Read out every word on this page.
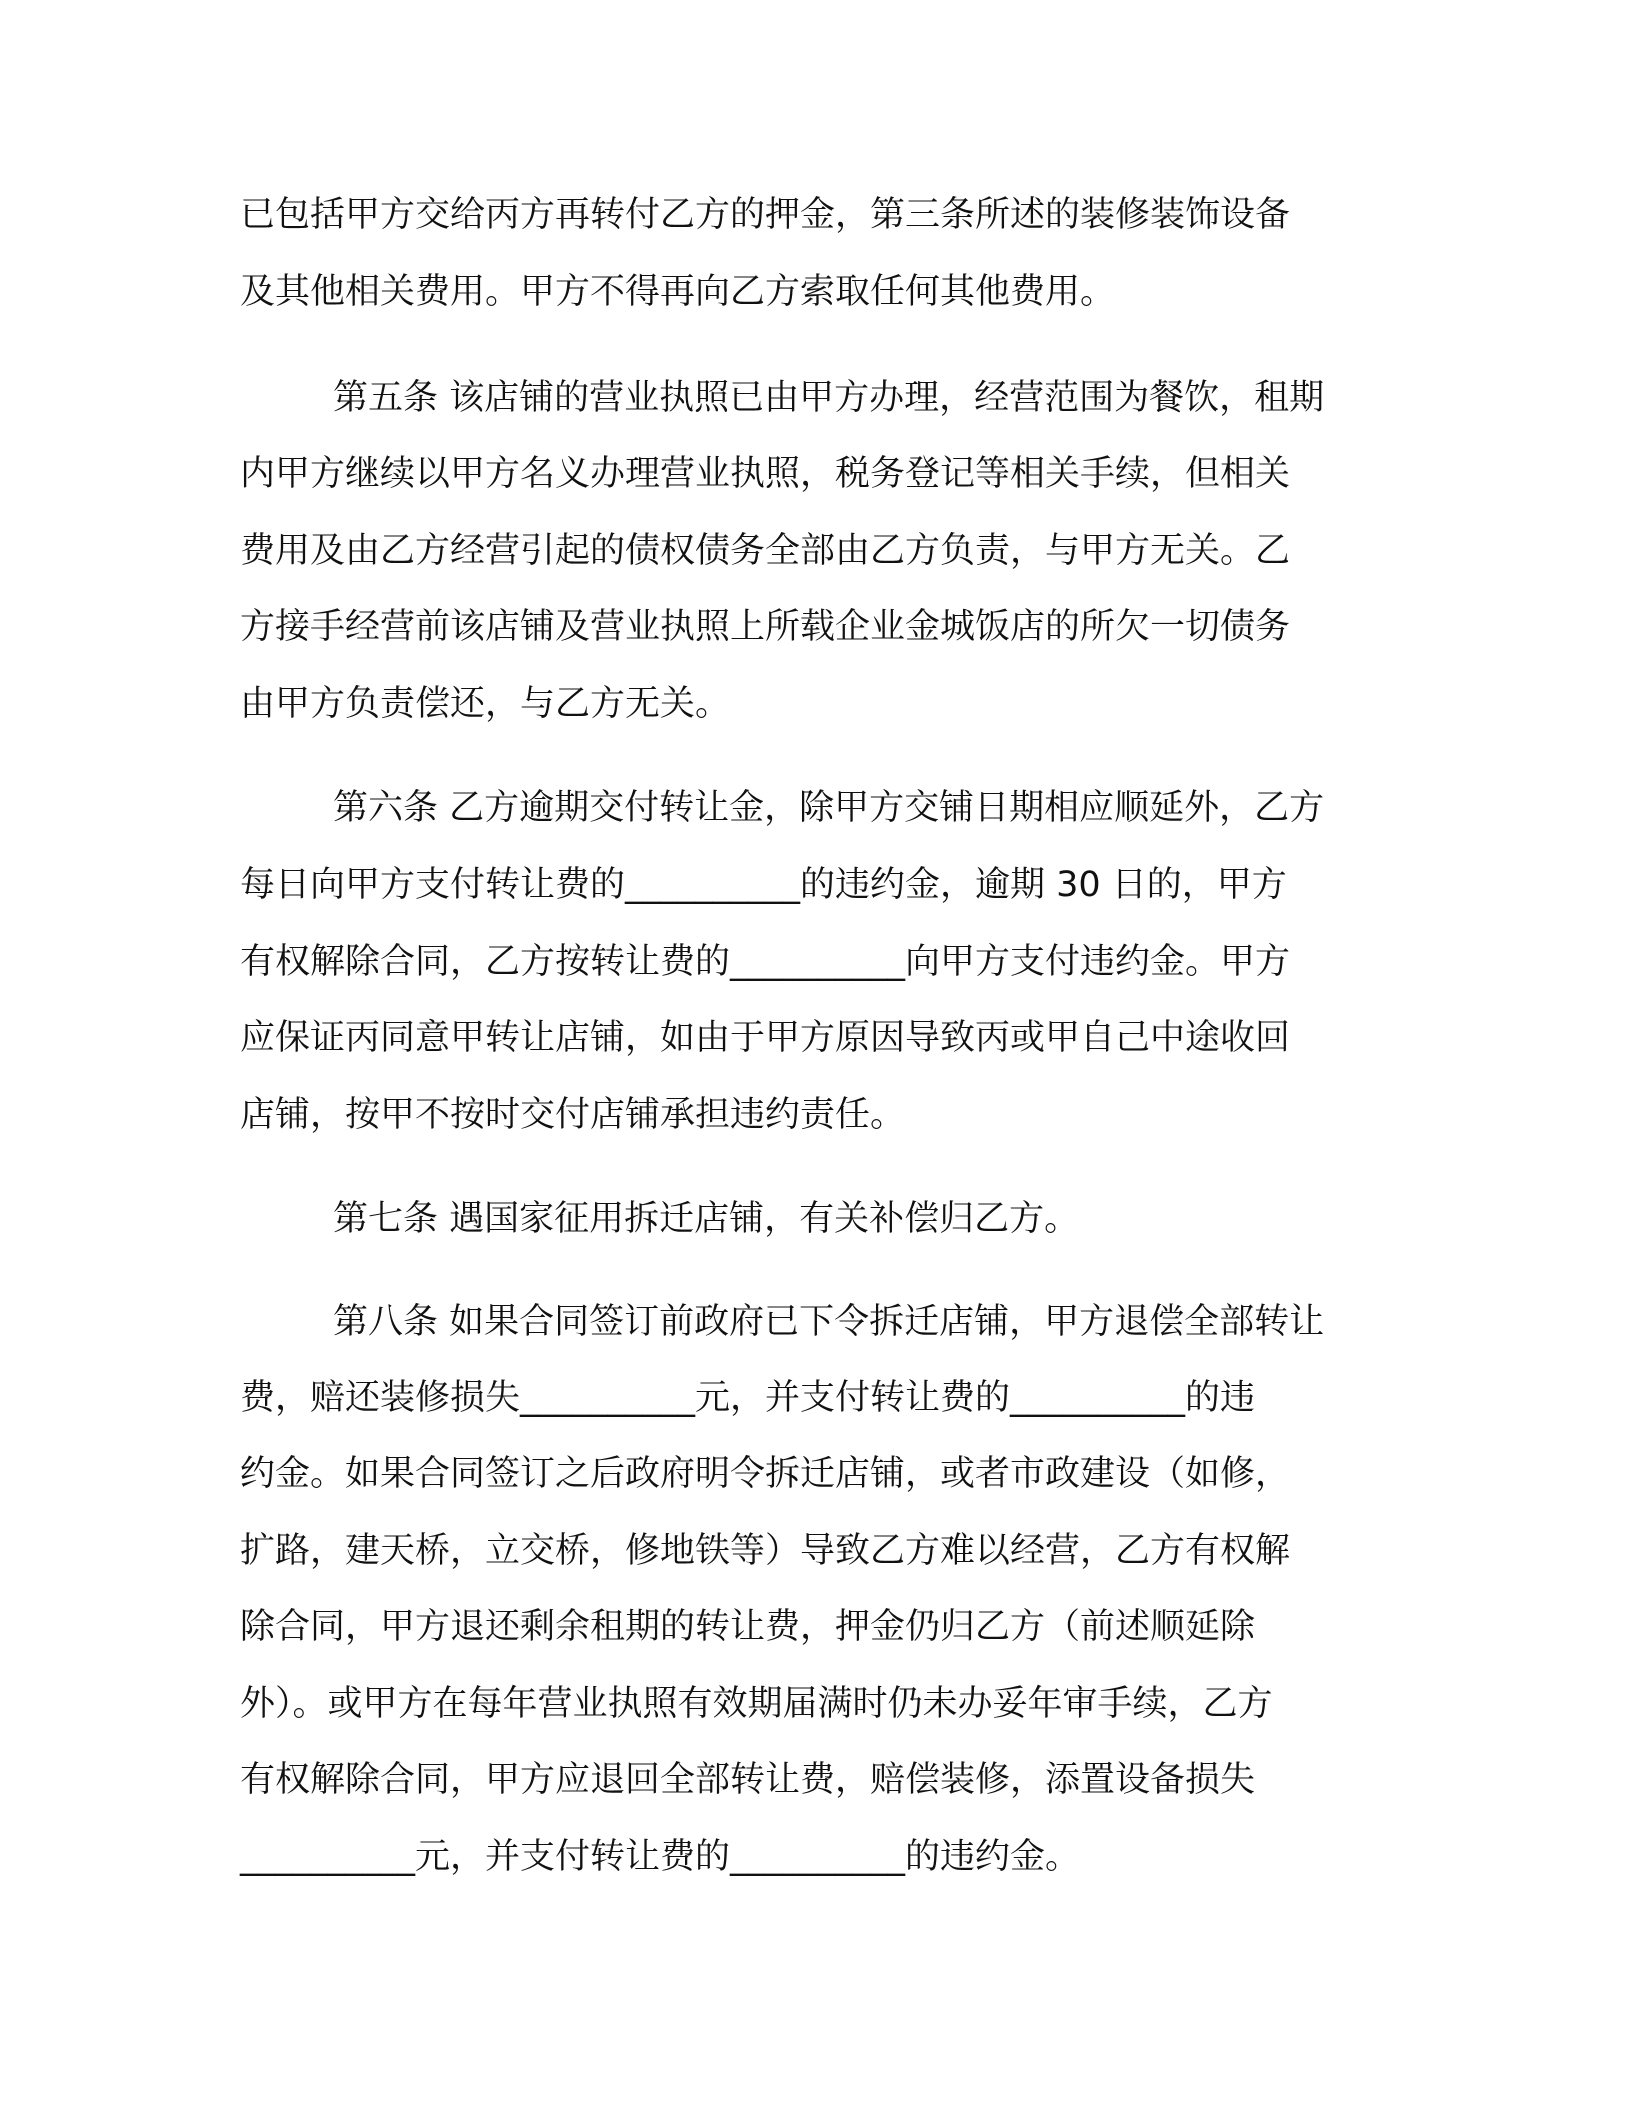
已包括甲方交给丙方再转付乙方的押金，第三条所述的装修装饰设备
及其他相关费用。甲方不得再向乙方索取任何其他费用。
第五条 该店铺的营业执照已由甲方办理，经营范围为餐饮，租期
内甲方继续以甲方名义办理营业执照，税务登记等相关手续，但相关
费用及由乙方经营引起的债权债务全部由乙方负责，与甲方无关。乙
方接手经营前该店铺及营业执照上所载企业金城饭店的所欠一切债务
由甲方负责偿还，与乙方无关。
第六条 乙方逾期交付转让金，除甲方交铺日期相应顺延外，乙方
每日向甲方支付转让费的__________的违约金，逾期 30 日的，甲方
有权解除合同，乙方按转让费的__________向甲方支付违约金。甲方
应保证丙同意甲转让店铺，如由于甲方原因导致丙或甲自己中途收回
店铺，按甲不按时交付店铺承担违约责任。
第七条 遇国家征用拆迁店铺，有关补偿归乙方。
第八条 如果合同签订前政府已下令拆迁店铺，甲方退偿全部转让
费，赔还装修损失__________元，并支付转让费的__________的违
约金。如果合同签订之后政府明令拆迁店铺，或者市政建设（如修，
扩路，建天桥，立交桥，修地铁等）导致乙方难以经营，乙方有权解
除合同，甲方退还剩余租期的转让费，押金仍归乙方（前述顺延除
外）。或甲方在每年营业执照有效期届满时仍未办妥年审手续，乙方
有权解除合同，甲方应退回全部转让费，赔偿装修，添置设备损失
__________元，并支付转让费的__________的违约金。
